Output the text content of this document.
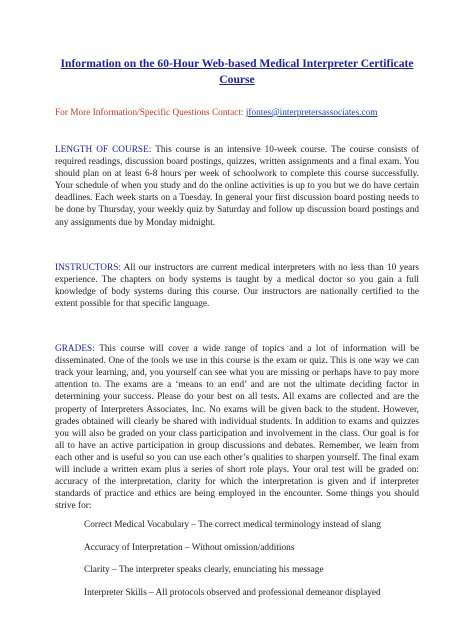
Information on the 60-Hour Web-based Medical Interpreter Certificate Course
For More Information/Specific Questions Contact: jfontes@interpretersassociates.com

LENGTH OF COURSE: This course is an intensive 10-week course. The course consists of required readings, discussion board postings, quizzes, written assignments and a final exam. You should plan on at least 6-8 hours per week of schoolwork to complete this course successfully. Your schedule of when you study and do the online activities is up to you but we do have certain deadlines. Each week starts on a Tuesday. In general your first discussion board posting needs to be done by Thursday, your weekly quiz by Saturday and follow up discussion board postings and any assignments due by Monday midnight.

INSTRUCTORS: All our instructors are current medical interpreters with no less than 10 years experience. The chapters on body systems is taught by a medical doctor so you gain a full knowledge of body systems during this course. Our instructors are nationally certified to the extent possible for that specific language.

GRADES: This course will cover a wide range of topics and a lot of information will be disseminated. One of the tools we use in this course is the exam or quiz. This is one way we can track your learning, and, you yourself can see what you are missing or perhaps have to pay more attention to. The exams are a ‘means to an end’ and are not the ultimate deciding factor in determining your success. Please do your best on all tests. All exams are collected and are the property of Interpreters Associates, Inc. No exams will be given back to the student. However, grades obtained will clearly be shared with individual students. In addition to exams and quizzes you will also be graded on your class participation and involvement in the class. Our goal is for all to have an active participation in group discussions and debates. Remember, we learn from each other and is useful so you can use each other’s qualities to sharpen yourself. The final exam will include a written exam plus a series of short role plays. Your oral test will be graded on: accuracy of the interpretation, clarity for which the interpretation is given and if interpreter standards of practice and ethics are being employed in the encounter. Some things you should strive for:

Correct Medical Vocabulary – The correct medical terminology instead of slang
Accuracy of Interpretation – Without omission/additions
Clarity – The interpreter speaks clearly, enunciating his message
Interpreter Skills – All protocols observed and professional demeanor displayed
